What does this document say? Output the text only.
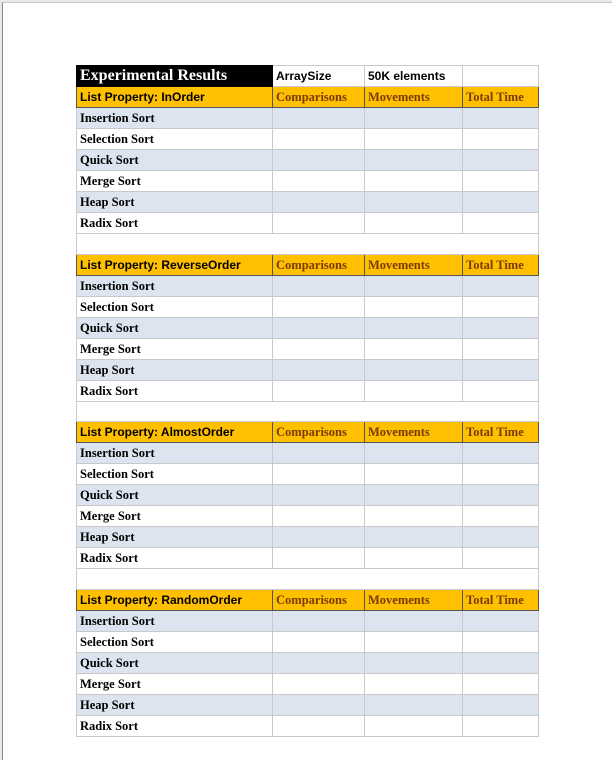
Experimental Results	ArraySize	50K elements	
List Property: InOrder	Comparisons	Movements	Total Time
Insertion Sort			
Selection Sort			
Quick Sort			
Merge Sort			
Heap Sort			
Radix Sort			

List Property: ReverseOrder	Comparisons	Movements	Total Time
Insertion Sort			
Selection Sort			
Quick Sort			
Merge Sort			
Heap Sort			
Radix Sort			

List Property: AlmostOrder	Comparisons	Movements	Total Time
Insertion Sort			
Selection Sort			
Quick Sort			
Merge Sort			
Heap Sort			
Radix Sort			

List Property: RandomOrder	Comparisons	Movements	Total Time
Insertion Sort			
Selection Sort			
Quick Sort			
Merge Sort			
Heap Sort			
Radix Sort			
